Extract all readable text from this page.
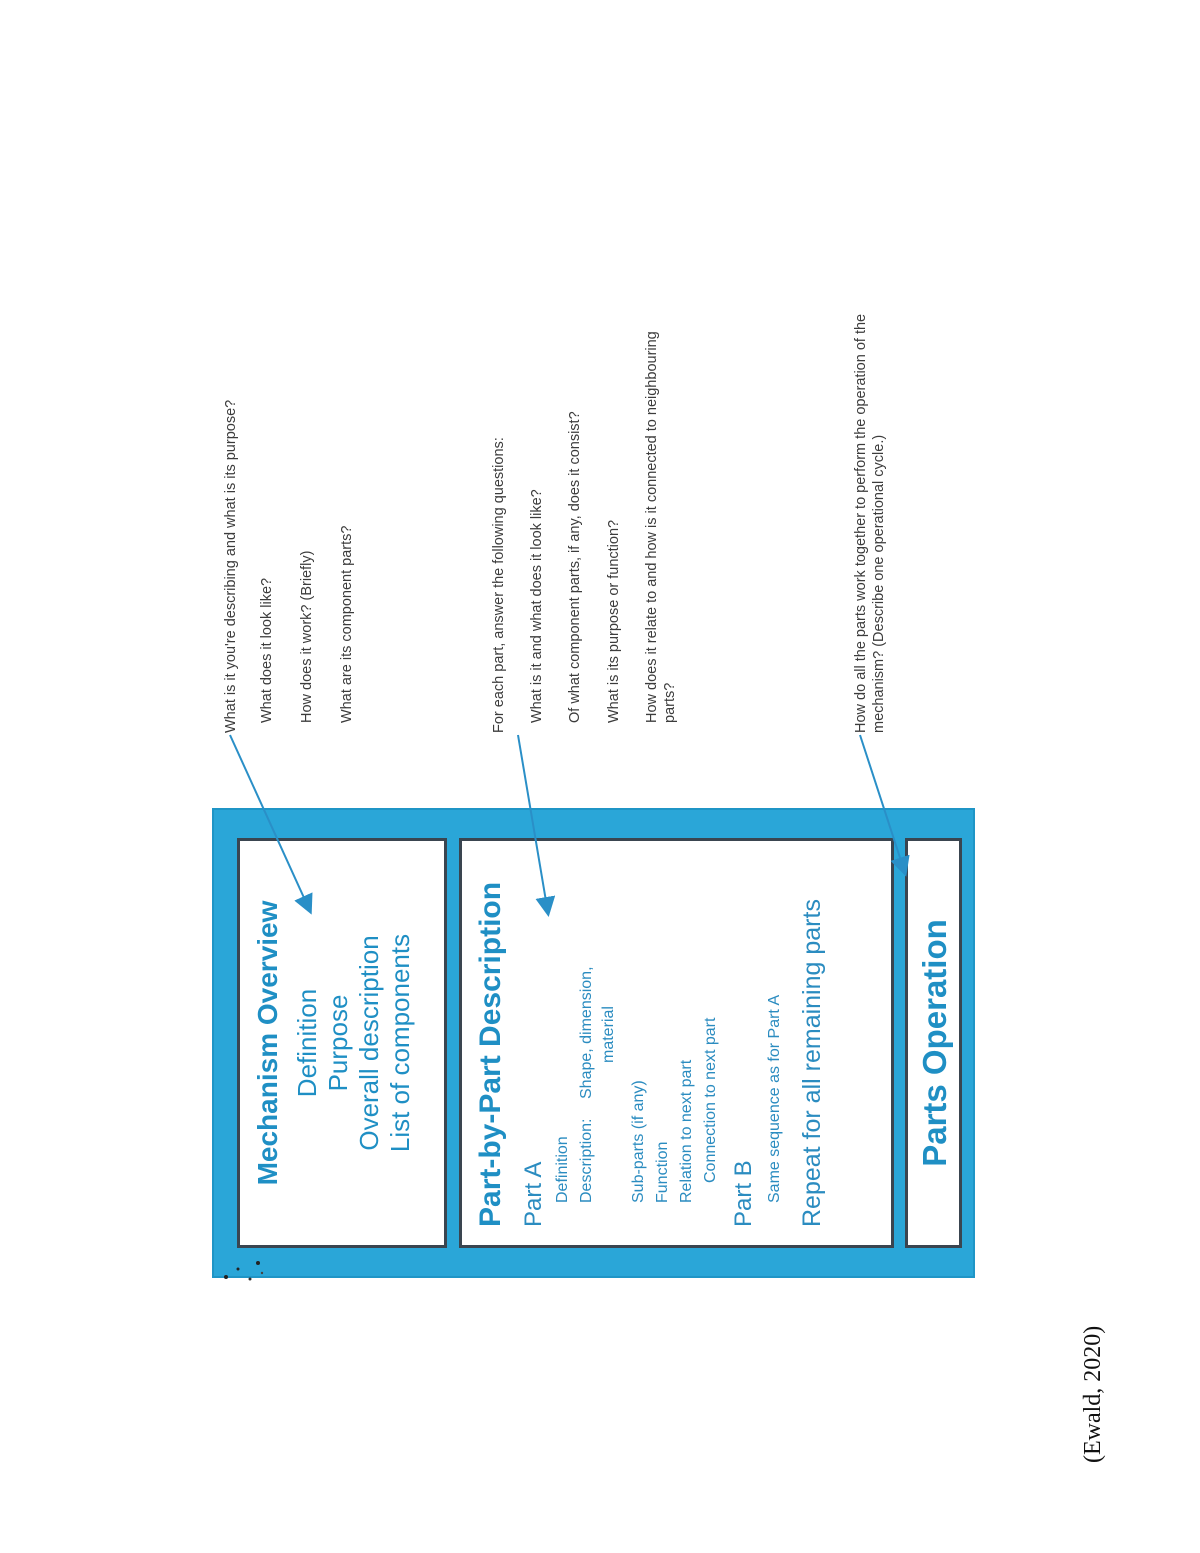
Mechanism Overview Definition Purpose Overall description List of components Part-by-Part Description Part A Definition Description:
Shape, dimension, material
Sub-parts (if any) Function Relation to next part Connection to next part
Part B Same sequence as for Part A Repeat for all remaining parts	Parts Operation
What is it you're describing and what is its purpose? What does it look like? How does it work? (Briefly) What are its component parts?	For each part, answer the following questions: What is it and what does it look like? Of what component parts, if any, does it consist? What is its purpose or function? How does it relate to and how is it connected to neighbouring parts?	How do all the parts work together to perform the operation of the mechanism? (Describe one operational cycle.)
(Ewald, 2020)
